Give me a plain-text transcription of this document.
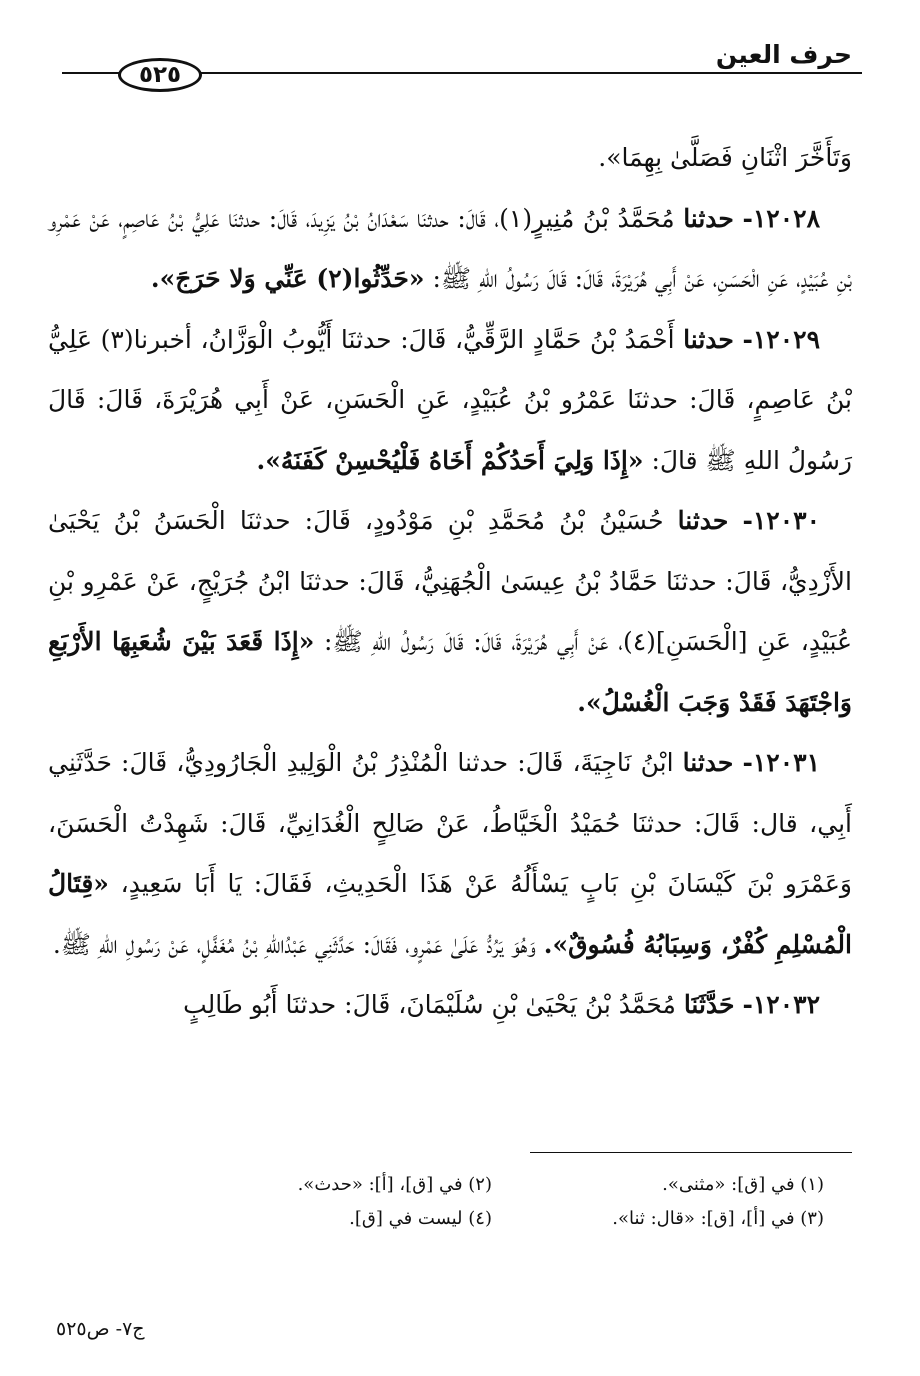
حرف العين
٥٢٥

وَتَأَخَّرَ اثْنَانِ فَصَلَّىٰ بِهِمَا».

١٢٠٢٨- حدثنا مُحَمَّدُ بْنُ مُنِيرٍ(١)، قَالَ: حدثنَا سَعْدَانُ بْنُ يَزِيدَ، قَالَ: حدثنَا عَلِيُّ بْنُ عَاصِمٍ، عَنْ عَمْرِو بْنِ عُبَيْدٍ، عَنِ الْحَسَنِ، عَنْ أَبِي هُرَيْرَةَ، قَالَ: قَالَ رَسُولُ اللهِ ﷺ: «حَدِّثُوا(٢) عَنِّي وَلا حَرَجَ».

١٢٠٢٩- حدثنا أَحْمَدُ بْنُ حَمَّادٍ الرَّقِّيُّ، قَالَ: حدثنَا أَيُّوبُ الْوَزَّانُ، أخبرنا(٣) عَلِيُّ بْنُ عَاصِمٍ، قَالَ: حدثنَا عَمْرُو بْنُ عُبَيْدٍ، عَنِ الْحَسَنِ، عَنْ أَبِي هُرَيْرَةَ، قَالَ: قَالَ رَسُولُ اللهِ ﷺ قالَ: «إِذَا وَلِيَ أَحَدُكُمْ أَخَاهُ فَلْيُحْسِنْ كَفَنَهُ».

١٢٠٣٠- حدثنا حُسَيْنُ بْنُ مُحَمَّدِ بْنِ مَوْدُودٍ، قَالَ: حدثنَا الْحَسَنُ بْنُ يَحْيَىٰ الأَزْدِيُّ، قَالَ: حدثنَا حَمَّادُ بْنُ عِيسَىٰ الْجُهَنِيُّ، قَالَ: حدثنَا ابْنُ جُرَيْجٍ، عَنْ عَمْرِو بْنِ عُبَيْدٍ، عَنِ [الْحَسَنِ](٤)، عَنْ أَبِي هُرَيْرَةَ، قَالَ: قَالَ رَسُولُ اللهِ ﷺ: «إِذَا قَعَدَ بَيْنَ شُعَبِهَا الأَرْبَعِ وَاجْتَهَدَ فَقَدْ وَجَبَ الْغُسْلُ».

١٢٠٣١- حدثنا ابْنُ نَاجِيَةَ، قَالَ: حدثنا الْمُنْذِرُ بْنُ الْوَلِيدِ الْجَارُودِيُّ، قَالَ: حَدَّثَنِي أَبِي، قال: قَالَ: حدثنَا حُمَيْدُ الْخَيَّاطُ، عَنْ صَالِحٍ الْغُدَانِيِّ، قَالَ: شَهِدْتُ الْحَسَنَ، وَعَمْرَو بْنَ كَيْسَانَ بْنِ بَابٍ يَسْأَلُهُ عَنْ هَذَا الْحَدِيثِ، فَقَالَ: يَا أَبَا سَعِيدٍ، «قِتَالُ الْمُسْلِمِ كُفْرٌ، وَسِبَابُهُ فُسُوقٌ». وَهُوَ يَرُدُّ عَلَىٰ عَمْرٍو، فَقَالَ: حَدَّثَنِي عَبْدُاللهِ بْنُ مُغَفَّلٍ، عَنْ رَسُولِ اللهِ ﷺ.

١٢٠٣٢- حَدَّثَنَا مُحَمَّدُ بْنُ يَحْيَىٰ بْنِ سُلَيْمَانَ، قَالَ: حدثنَا أَبُو طَالِبٍ

(١) في [ق]: «مثنى».
(٢) في [ق]، [أ]: «حدث».
(٣) في [أ]، [ق]: «قال: ثنا».
(٤) ليست في [ق].
ج٧- ص٥٢٥
